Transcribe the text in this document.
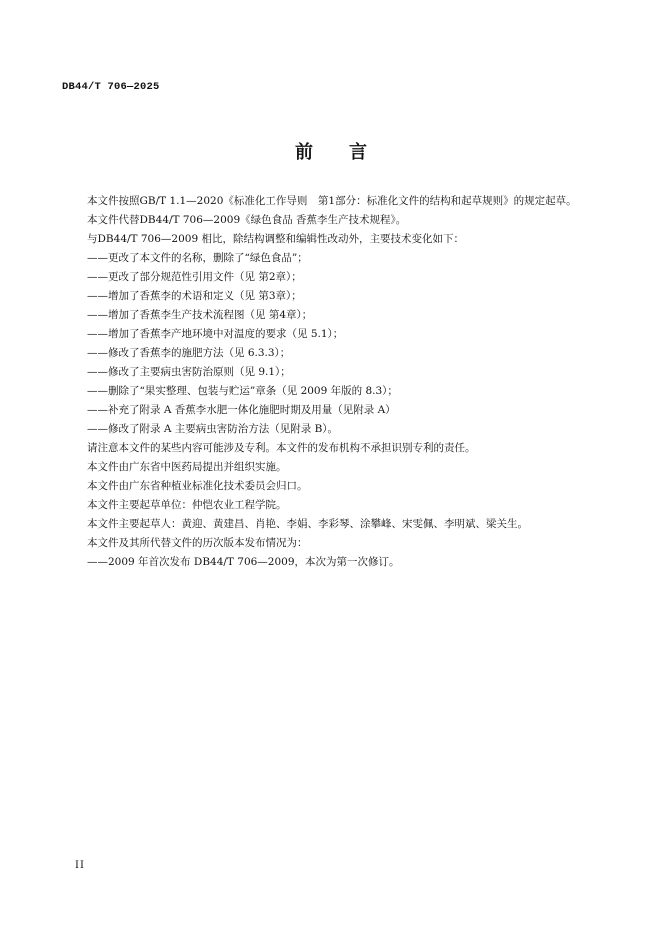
DB44/T 706—2025
前 言

本文件按照GB/T 1.1—2020《标准化工作导则　第1部分：标准化文件的结构和起草规则》的规定起草。

本文件代替DB44/T 706—2009《绿色食品 香蕉李生产技术规程》。

与DB44/T 706—2009 相比，除结构调整和编辑性改动外，主要技术变化如下：

——更改了本文件的名称，删除了“绿色食品”；

——更改了部分规范性引用文件（见 第2章）；

——增加了香蕉李的术语和定义（见 第3章）；

——增加了香蕉李生产技术流程图（见 第4章）；

——增加了香蕉李产地环境中对温度的要求（见 5.1）；

——修改了香蕉李的施肥方法（见 6.3.3）；

——修改了主要病虫害防治原则（见 9.1）；

——删除了“果实整理、包装与贮运”章条（见 2009 年版的 8.3）；

——补充了附录 A 香蕉李水肥一体化施肥时期及用量（见附录 A）

——修改了附录 A 主要病虫害防治方法（见附录 B）。

请注意本文件的某些内容可能涉及专利。本文件的发布机构不承担识别专利的责任。

本文件由广东省中医药局提出并组织实施。

本文件由广东省种植业标准化技术委员会归口。

本文件主要起草单位：仲恺农业工程学院。

本文件主要起草人：黄迎、黄建昌、肖艳、李娟、李彩琴、涂攀峰、宋雯佩、李明斌、梁关生。

本文件及其所代替文件的历次版本发布情况为：

——2009 年首次发布 DB44/T 706—2009，本次为第一次修订。

II
